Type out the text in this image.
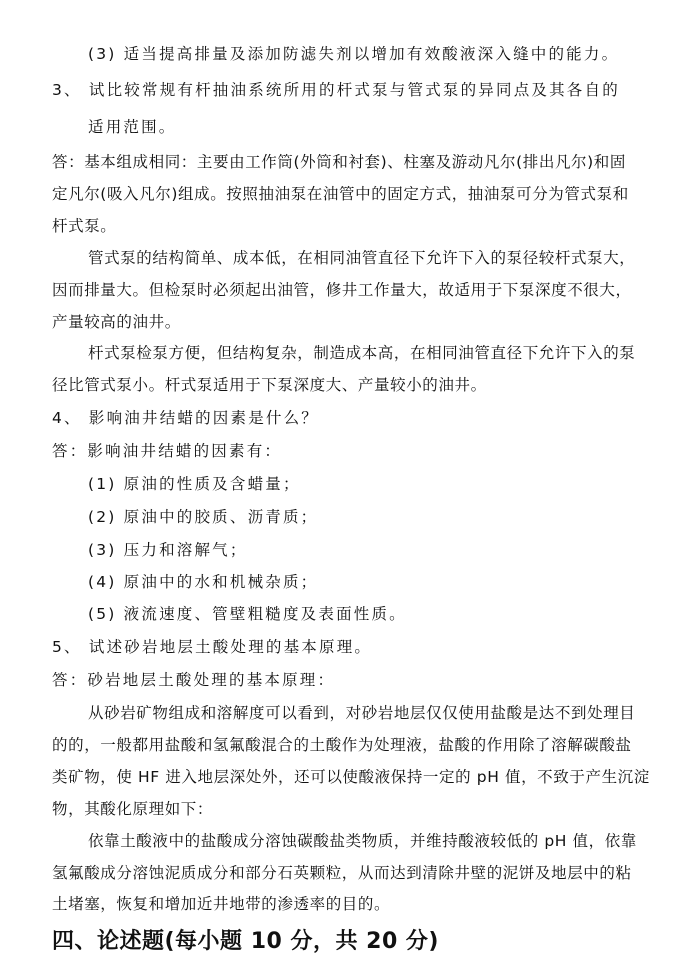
(3) 适当提高排量及添加防滤失剂以增加有效酸液深入缝中的能力。
3、 试比较常规有杆抽油系统所用的杆式泵与管式泵的异同点及其各自的
适用范围。
答：基本组成相同：主要由工作筒(外筒和衬套)、柱塞及游动凡尔(排出凡尔)和固
定凡尔(吸入凡尔)组成。按照抽油泵在油管中的固定方式，抽油泵可分为管式泵和
杆式泵。
管式泵的结构简单、成本低，在相同油管直径下允许下入的泵径较杆式泵大，
因而排量大。但检泵时必须起出油管，修井工作量大，故适用于下泵深度不很大，
产量较高的油井。
杆式泵检泵方便，但结构复杂，制造成本高，在相同油管直径下允许下入的泵
径比管式泵小。杆式泵适用于下泵深度大、产量较小的油井。
4、 影响油井结蜡的因素是什么？
答：影响油井结蜡的因素有：
(1) 原油的性质及含蜡量；
(2) 原油中的胶质、沥青质；
(3) 压力和溶解气；
(4) 原油中的水和机械杂质；
(5) 液流速度、管壁粗糙度及表面性质。
5、 试述砂岩地层土酸处理的基本原理。
答：砂岩地层土酸处理的基本原理：
从砂岩矿物组成和溶解度可以看到，对砂岩地层仅仅使用盐酸是达不到处理目
的的，一般都用盐酸和氢氟酸混合的土酸作为处理液，盐酸的作用除了溶解碳酸盐
类矿物，使 HF 进入地层深处外，还可以使酸液保持一定的 pH 值，不致于产生沉淀
物，其酸化原理如下：
依靠土酸液中的盐酸成分溶蚀碳酸盐类物质，并维持酸液较低的 pH 值，依靠
氢氟酸成分溶蚀泥质成分和部分石英颗粒，从而达到清除井壁的泥饼及地层中的粘
土堵塞，恢复和增加近井地带的渗透率的目的。
四、论述题(每小题 10 分，共 20 分)
